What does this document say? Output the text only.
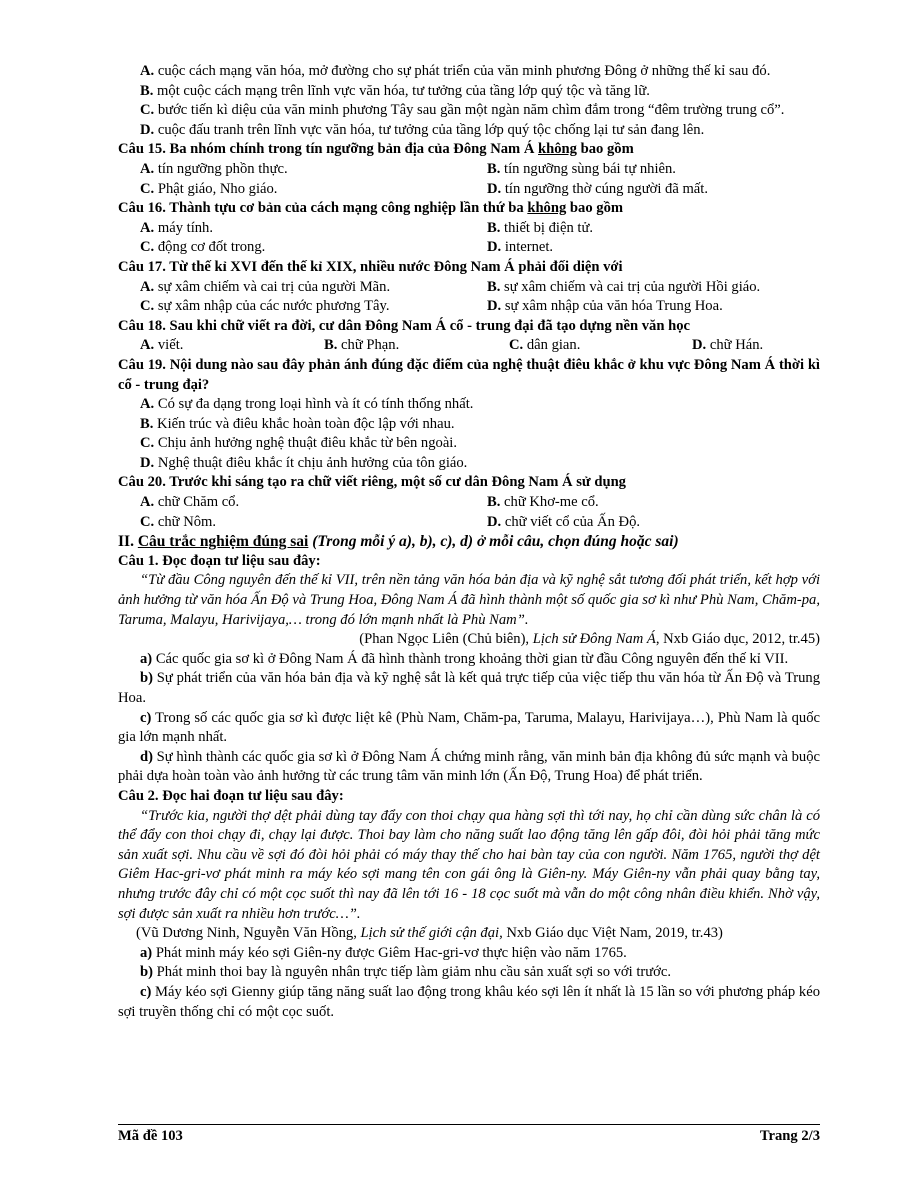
A. cuộc cách mạng văn hóa, mở đường cho sự phát triển của văn minh phương Đông ở những thế kỉ sau đó.

B. một cuộc cách mạng trên lĩnh vực văn hóa, tư tưởng của tầng lớp quý tộc và tăng lữ.

C. bước tiến kì diệu của văn minh phương Tây sau gần một ngàn năm chìm đắm trong “đêm trường trung cổ”.

D. cuộc đấu tranh trên lĩnh vực văn hóa, tư tưởng của tầng lớp quý tộc chống lại tư sản đang lên.

Câu 15. Ba nhóm chính trong tín ngưỡng bản địa của Đông Nam Á không bao gồm

A. tín ngưỡng phồn thực.	B. tín ngưỡng sùng bái tự nhiên.
C. Phật giáo, Nho giáo.	D. tín ngưỡng thờ cúng người đã mất.

Câu 16. Thành tựu cơ bản của cách mạng công nghiệp lần thứ ba không bao gồm

A. máy tính.	B. thiết bị điện tử.
C. động cơ đốt trong.	D. internet.

Câu 17. Từ thế kỉ XVI đến thế kỉ XIX, nhiều nước Đông Nam Á phải đối diện với

A. sự xâm chiếm và cai trị của người Mãn.	B. sự xâm chiếm và cai trị của người Hồi giáo.
C. sự xâm nhập của các nước phương Tây.	D. sự xâm nhập của văn hóa Trung Hoa.

Câu 18. Sau khi chữ viết ra đời, cư dân Đông Nam Á cổ - trung đại đã tạo dựng nền văn học

A. viết.	B. chữ Phạn.	C. dân gian.	D. chữ Hán.

Câu 19. Nội dung nào sau đây phản ánh đúng đặc điểm của nghệ thuật điêu khắc ở khu vực Đông Nam Á thời kì cổ - trung đại?

A. Có sự đa dạng trong loại hình và ít có tính thống nhất.

B. Kiến trúc và điêu khắc hoàn toàn độc lập với nhau.

C. Chịu ảnh hưởng nghệ thuật điêu khắc từ bên ngoài.

D. Nghệ thuật điêu khắc ít chịu ảnh hưởng của tôn giáo.

Câu 20. Trước khi sáng tạo ra chữ viết riêng, một số cư dân Đông Nam Á sử dụng

A. chữ Chăm cổ.	B. chữ Khơ-me cổ.
C. chữ Nôm.	D. chữ viết cổ của Ấn Độ.

II. Câu trắc nghiệm đúng sai (Trong mỗi ý a), b), c), d) ở mỗi câu, chọn đúng hoặc sai)

Câu 1. Đọc đoạn tư liệu sau đây:

“Từ đầu Công nguyên đến thế kỉ VII, trên nền tảng văn hóa bản địa và kỹ nghệ sắt tương đối phát triển, kết hợp với ảnh hưởng từ văn hóa Ấn Độ và Trung Hoa, Đông Nam Á đã hình thành một số quốc gia sơ kì như Phù Nam, Chăm-pa, Taruma, Malayu, Harivijaya,… trong đó lớn mạnh nhất là Phù Nam”.

(Phan Ngọc Liên (Chủ biên), Lịch sử Đông Nam Á, Nxb Giáo dục, 2012, tr.45)

a) Các quốc gia sơ kì ở Đông Nam Á đã hình thành trong khoảng thời gian từ đầu Công nguyên đến thế kỉ VII.

b) Sự phát triển của văn hóa bản địa và kỹ nghệ sắt là kết quả trực tiếp của việc tiếp thu văn hóa từ Ấn Độ và Trung Hoa.

c) Trong số các quốc gia sơ kì được liệt kê (Phù Nam, Chăm-pa, Taruma, Malayu, Harivijaya…), Phù Nam là quốc gia lớn mạnh nhất.

d) Sự hình thành các quốc gia sơ kì ở Đông Nam Á chứng minh rằng, văn minh bản địa không đủ sức mạnh và buộc phải dựa hoàn toàn vào ảnh hưởng từ các trung tâm văn minh lớn (Ấn Độ, Trung Hoa) để phát triển.

Câu 2. Đọc hai đoạn tư liệu sau đây:

“Trước kia, người thợ dệt phải dùng tay đẩy con thoi chạy qua hàng sợi thì tới nay, họ chỉ cần dùng sức chân là có thể đẩy con thoi chạy đi, chạy lại được. Thoi bay làm cho năng suất lao động tăng lên gấp đôi, đòi hỏi phải tăng mức sản xuất sợi. Nhu cầu về sợi đó đòi hỏi phải có máy thay thế cho hai bàn tay của con người. Năm 1765, người thợ dệt Giêm Hac-gri-vơ phát minh ra máy kéo sợi mang tên con gái ông là Giên-ny. Máy Giên-ny vẫn phải quay bằng tay, nhưng trước đây chỉ có một cọc suốt thì nay đã lên tới 16 - 18 cọc suốt mà vẫn do một công nhân điều khiển. Nhờ vậy, sợi được sản xuất ra nhiều hơn trước…”.

(Vũ Dương Ninh, Nguyễn Văn Hồng, Lịch sử thế giới cận đại, Nxb Giáo dục Việt Nam, 2019, tr.43)

a) Phát minh máy kéo sợi Giên-ny được Giêm Hac-gri-vơ thực hiện vào năm 1765.

b) Phát minh thoi bay là nguyên nhân trực tiếp làm giảm nhu cầu sản xuất sợi so với trước.

c) Máy kéo sợi Gienny giúp tăng năng suất lao động trong khâu kéo sợi lên ít nhất là 15 lần so với phương pháp kéo sợi truyền thống chỉ có một cọc suốt.

Mã đề 103	Trang 2/3
